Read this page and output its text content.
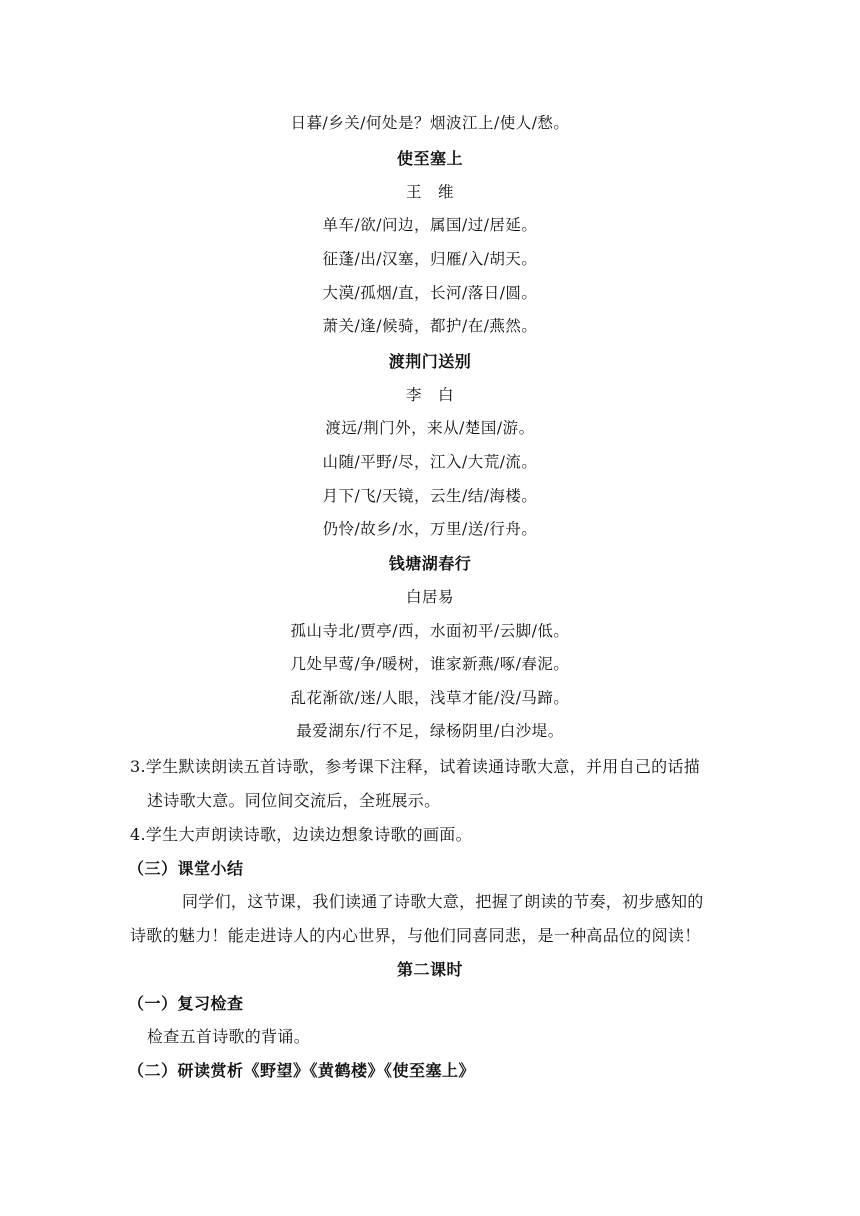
日暮/乡关/何处是？烟波江上/使人/愁。
使至塞上
王　维
单车/欲/问边，属国/过/居延。
征蓬/出/汉塞，归雁/入/胡天。
大漠/孤烟/直，长河/落日/圆。
萧关/逢/候骑，都护/在/燕然。
渡荆门送别
李　白
渡远/荆门外，来从/楚国/游。
山随/平野/尽，江入/大荒/流。
月下/飞/天镜，云生/结/海楼。
仍怜/故乡/水，万里/送/行舟。
钱塘湖春行
白居易
孤山寺北/贾亭/西，水面初平/云脚/低。
几处早莺/争/暖树，谁家新燕/啄/春泥。
乱花渐欲/迷/人眼，浅草才能/没/马蹄。
最爱湖东/行不足，绿杨阴里/白沙堤。
3.学生默读朗读五首诗歌，参考课下注释，试着读通诗歌大意，并用自己的话描
述诗歌大意。同位间交流后，全班展示。
4.学生大声朗读诗歌，边读边想象诗歌的画面。
（三）课堂小结
同学们，这节课，我们读通了诗歌大意，把握了朗读的节奏，初步感知的
诗歌的魅力！能走进诗人的内心世界，与他们同喜同悲，是一种高品位的阅读！
第二课时
（一）复习检查
检查五首诗歌的背诵。
（二）研读赏析《野望》《黄鹤楼》《使至塞上》
